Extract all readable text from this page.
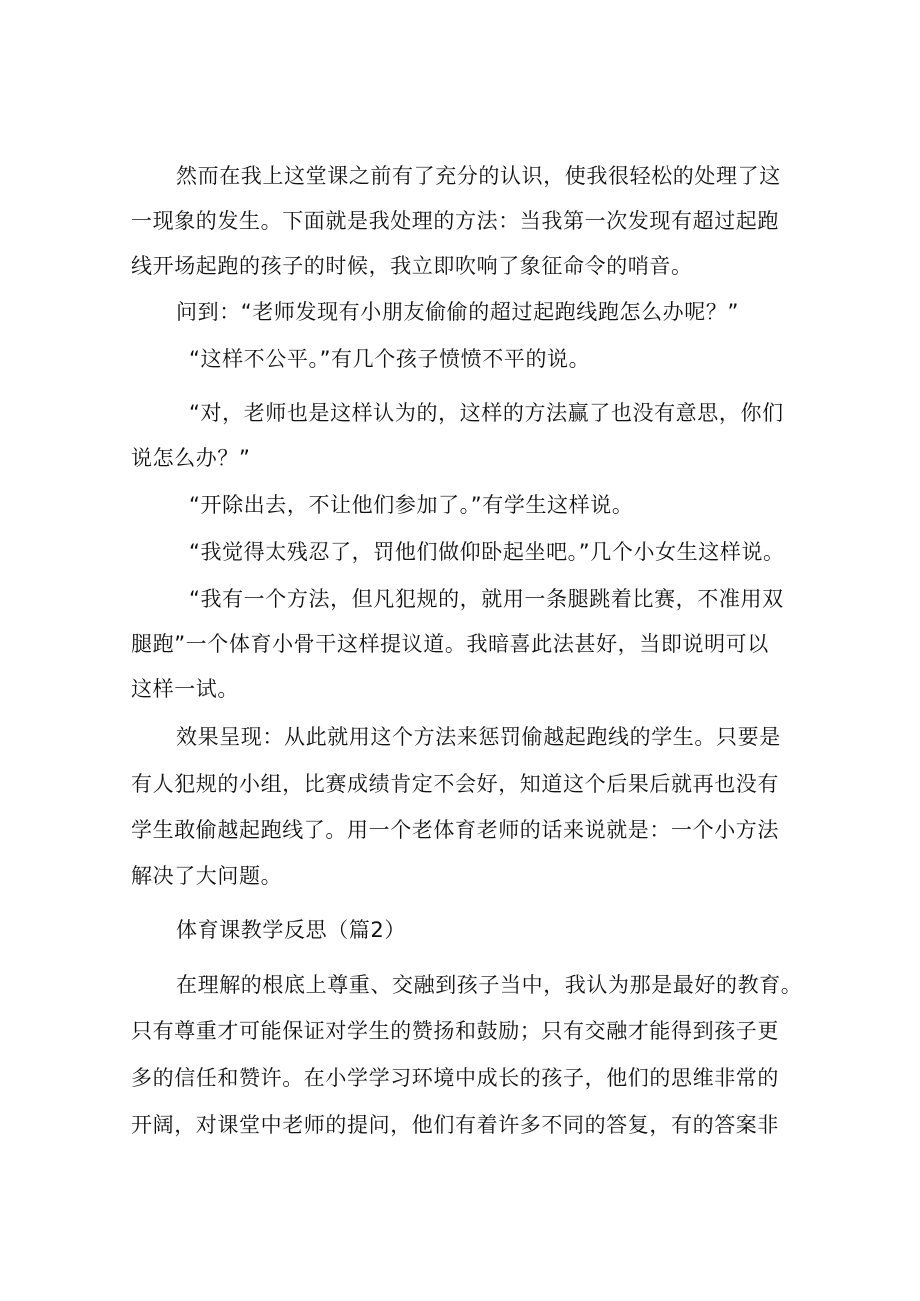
然而在我上这堂课之前有了充分的认识，使我很轻松的处理了这
一现象的发生。下面就是我处理的方法：当我第一次发现有超过起跑
线开场起跑的孩子的时候，我立即吹响了象征命令的哨音。
问到：“老师发现有小朋友偷偷的超过起跑线跑怎么办呢？”
“这样不公平。”有几个孩子愤愤不平的说。
“对，老师也是这样认为的，这样的方法赢了也没有意思，你们
说怎么办？”
“开除出去，不让他们参加了。”有学生这样说。
“我觉得太残忍了，罚他们做仰卧起坐吧。”几个小女生这样说。
“我有一个方法，但凡犯规的，就用一条腿跳着比赛，不准用双
腿跑”一个体育小骨干这样提议道。我暗喜此法甚好，当即说明可以
这样一试。
效果呈现：从此就用这个方法来惩罚偷越起跑线的学生。只要是
有人犯规的小组，比赛成绩肯定不会好，知道这个后果后就再也没有
学生敢偷越起跑线了。用一个老体育老师的话来说就是：一个小方法
解决了大问题。
体育课教学反思（篇2）
在理解的根底上尊重、交融到孩子当中，我认为那是最好的教育。
只有尊重才可能保证对学生的赞扬和鼓励；只有交融才能得到孩子更
多的信任和赞许。在小学学习环境中成长的孩子，他们的思维非常的
开阔，对课堂中老师的提问，他们有着许多不同的答复，有的答案非
